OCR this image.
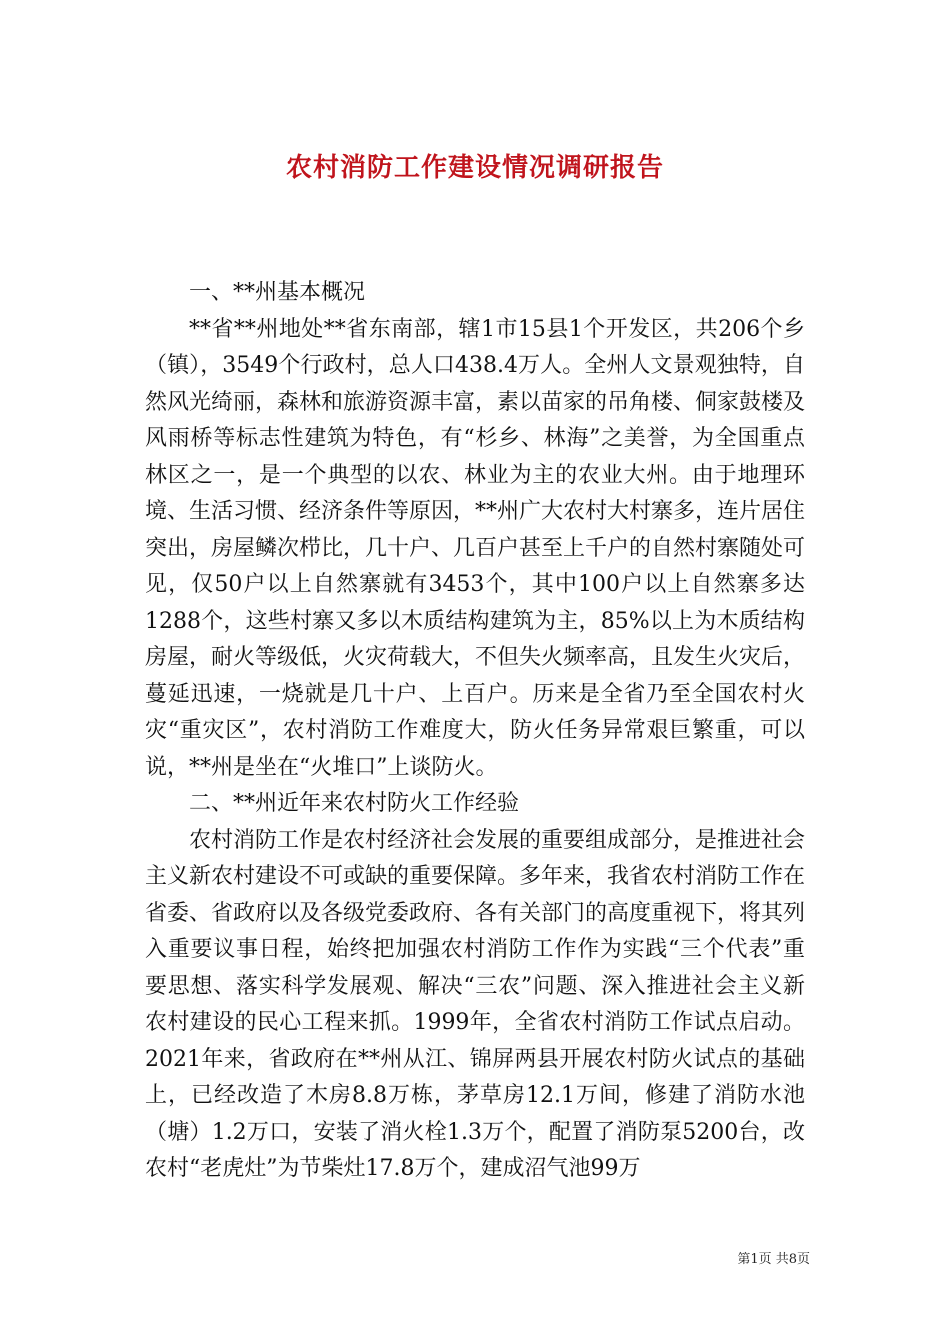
农村消防工作建设情况调研报告

一、**州基本概况

**省**州地处**省东南部，辖1市15县1个开发区，共206个乡（镇），3549个行政村，总人口438.4万人。全州人文景观独特，自然风光绮丽，森林和旅游资源丰富，素以苗家的吊角楼、侗家鼓楼及风雨桥等标志性建筑为特色，有“杉乡、林海”之美誉，为全国重点林区之一，是一个典型的以农、林业为主的农业大州。由于地理环境、生活习惯、经济条件等原因，**州广大农村大村寨多，连片居住突出，房屋鳞次栉比，几十户、几百户甚至上千户的自然村寨随处可见，仅50户以上自然寨就有3453个，其中100户以上自然寨多达1288个，这些村寨又多以木质结构建筑为主，85%以上为木质结构房屋，耐火等级低，火灾荷载大，不但失火频率高，且发生火灾后，蔓延迅速，一烧就是几十户、上百户。历来是全省乃至全国农村火灾“重灾区”，农村消防工作难度大，防火任务异常艰巨繁重，可以说，**州是坐在“火堆口”上谈防火。

二、**州近年来农村防火工作经验

农村消防工作是农村经济社会发展的重要组成部分，是推进社会主义新农村建设不可或缺的重要保障。多年来，我省农村消防工作在省委、省政府以及各级党委政府、各有关部门的高度重视下，将其列入重要议事日程，始终把加强农村消防工作作为实践“三个代表”重要思想、落实科学发展观、解决“三农”问题、深入推进社会主义新农村建设的民心工程来抓。1999年，全省农村消防工作试点启动。2021年来，省政府在**州从江、锦屏两县开展农村防火试点的基础上，已经改造了木房8.8万栋，茅草房12.1万间，修建了消防水池（塘）1.2万口，安装了消火栓1.3万个，配置了消防泵5200台，改农村“老虎灶”为节柴灶17.8万个，建成沼气池99万

第1页 共8页
